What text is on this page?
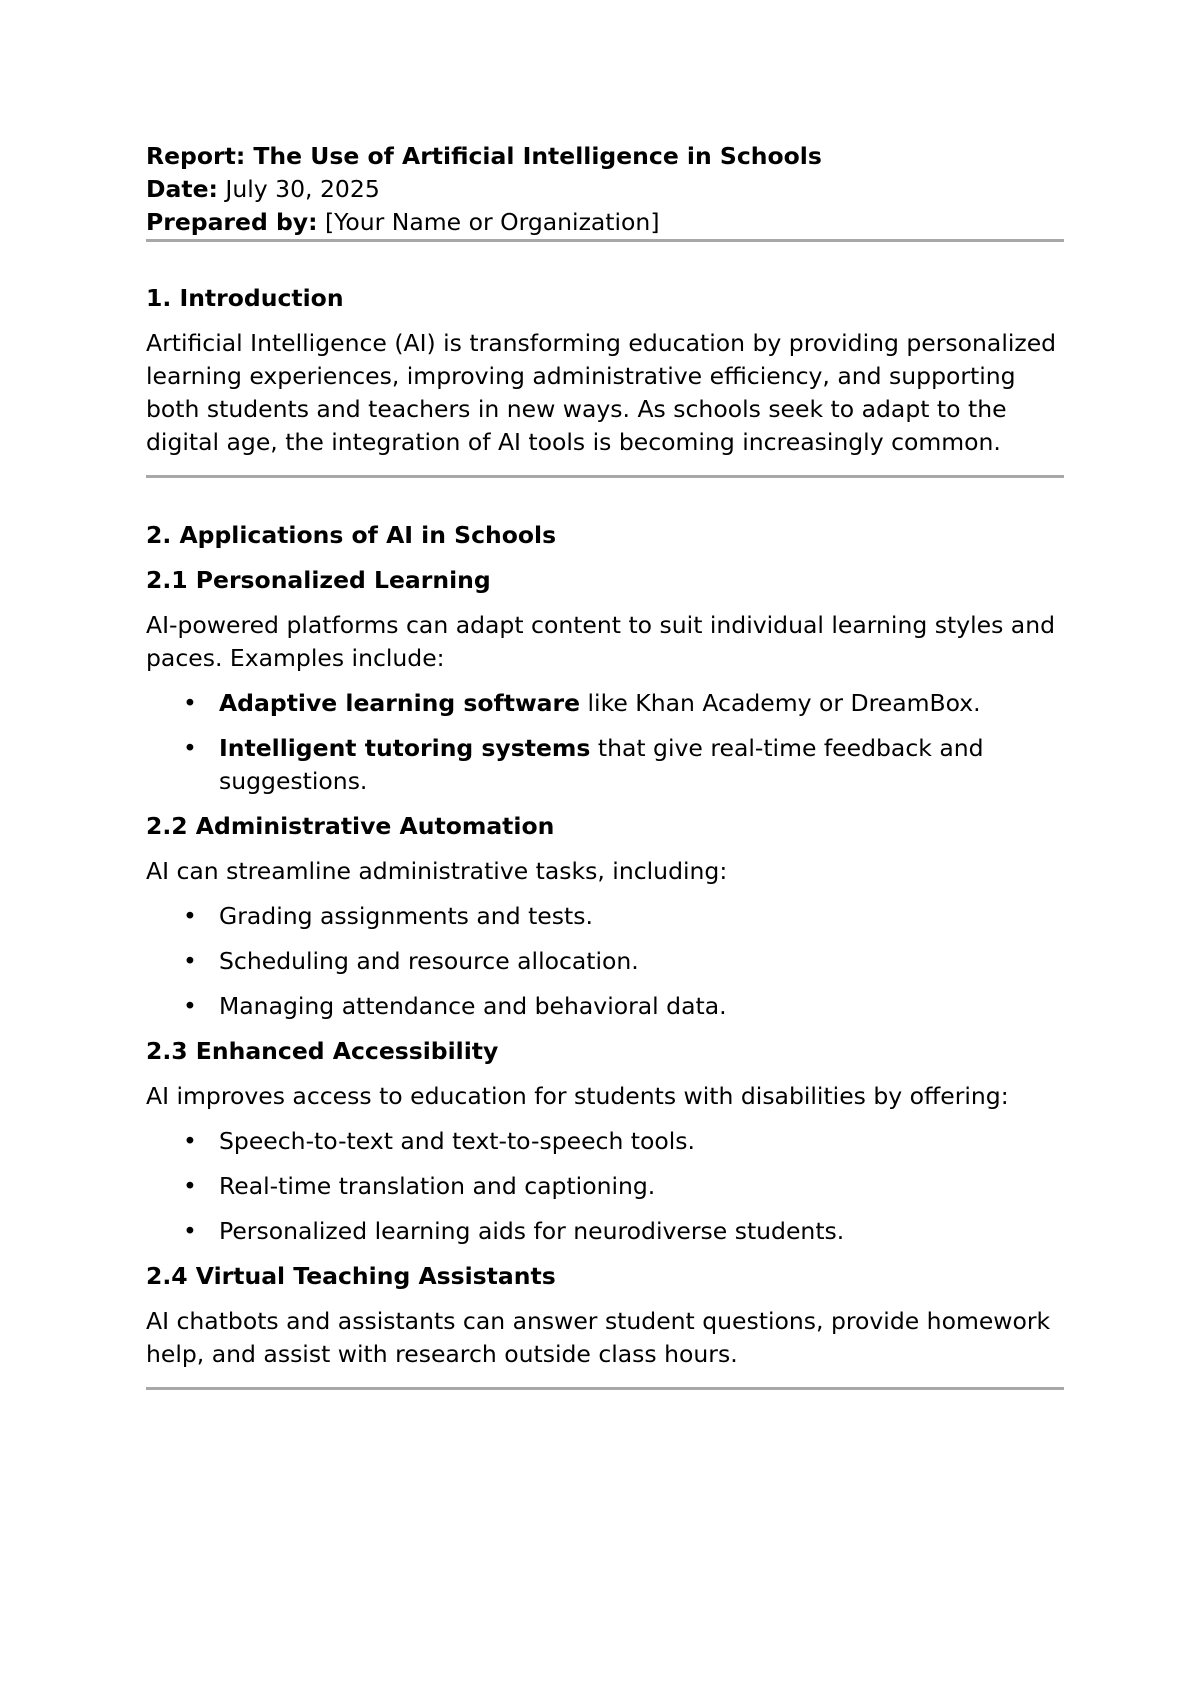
Report: The Use of Artificial Intelligence in Schools

Date: July 30, 2025

Prepared by: [Your Name or Organization]

1. Introduction

Artificial Intelligence (AI) is transforming education by providing personalized learning experiences, improving administrative efficiency, and supporting both students and teachers in new ways. As schools seek to adapt to the digital age, the integration of AI tools is becoming increasingly common.

2. Applications of AI in Schools
2.1 Personalized Learning

AI-powered platforms can adapt content to suit individual learning styles and paces. Examples include:

• Adaptive learning software like Khan Academy or DreamBox.
• Intelligent tutoring systems that give real-time feedback and suggestions.
2.2 Administrative Automation

AI can streamline administrative tasks, including:

• Grading assignments and tests.
• Scheduling and resource allocation.
• Managing attendance and behavioral data.
2.3 Enhanced Accessibility

AI improves access to education for students with disabilities by offering:

• Speech-to-text and text-to-speech tools.
• Real-time translation and captioning.
• Personalized learning aids for neurodiverse students.
2.4 Virtual Teaching Assistants

AI chatbots and assistants can answer student questions, provide homework help, and assist with research outside class hours.
